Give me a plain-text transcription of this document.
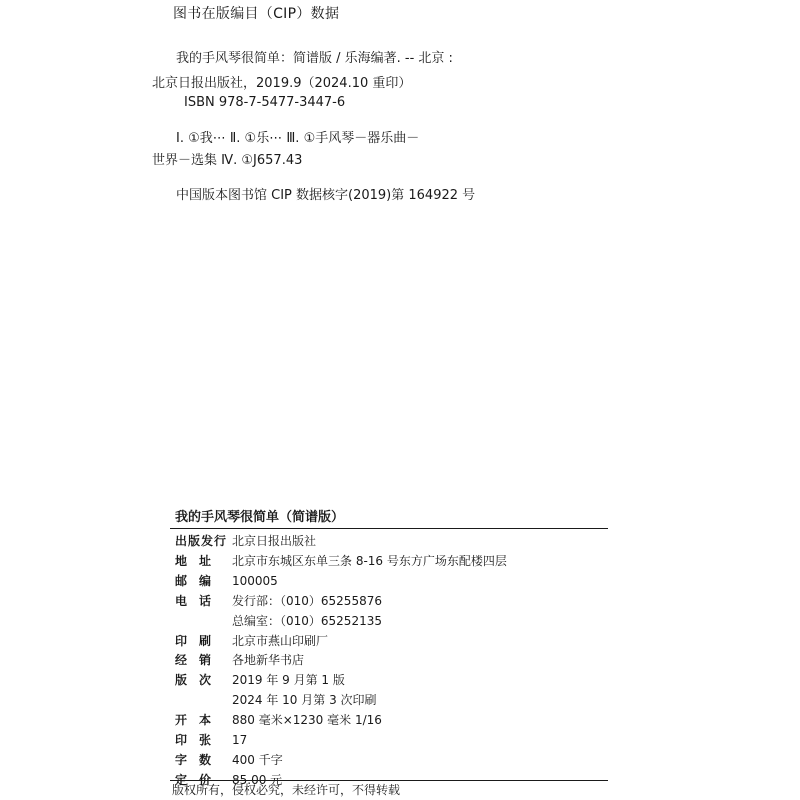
图书在版编目（CIP）数据
我的手风琴很简单：简谱版 / 乐海编著. -- 北京 :
北京日报出版社，2019.9（2024.10 重印）
ISBN 978-7-5477-3447-6
Ⅰ. ①我⋯ Ⅱ. ①乐⋯ Ⅲ. ①手风琴－器乐曲－
世界－选集 Ⅳ. ①J657.43
中国版本图书馆 CIP 数据核字(2019)第 164922 号
我的手风琴很简单（简谱版）
出 版 发 行 北京日报出版社
地 址 北京市东城区东单三条 8-16 号东方广场东配楼四层
邮 编 100005
电 话 发行部：（010）65255876
总编室：（010）65252135
印 刷 北京市燕山印刷厂
经 销 各地新华书店
版 次 2019 年 9 月第 1 版
2024 年 10 月第 3 次印刷
开 本 880 毫米×1230 毫米 1/16
印 张 17
字 数 400 千字
定 价 85.00 元
版权所有，侵权必究，未经许可，不得转载
